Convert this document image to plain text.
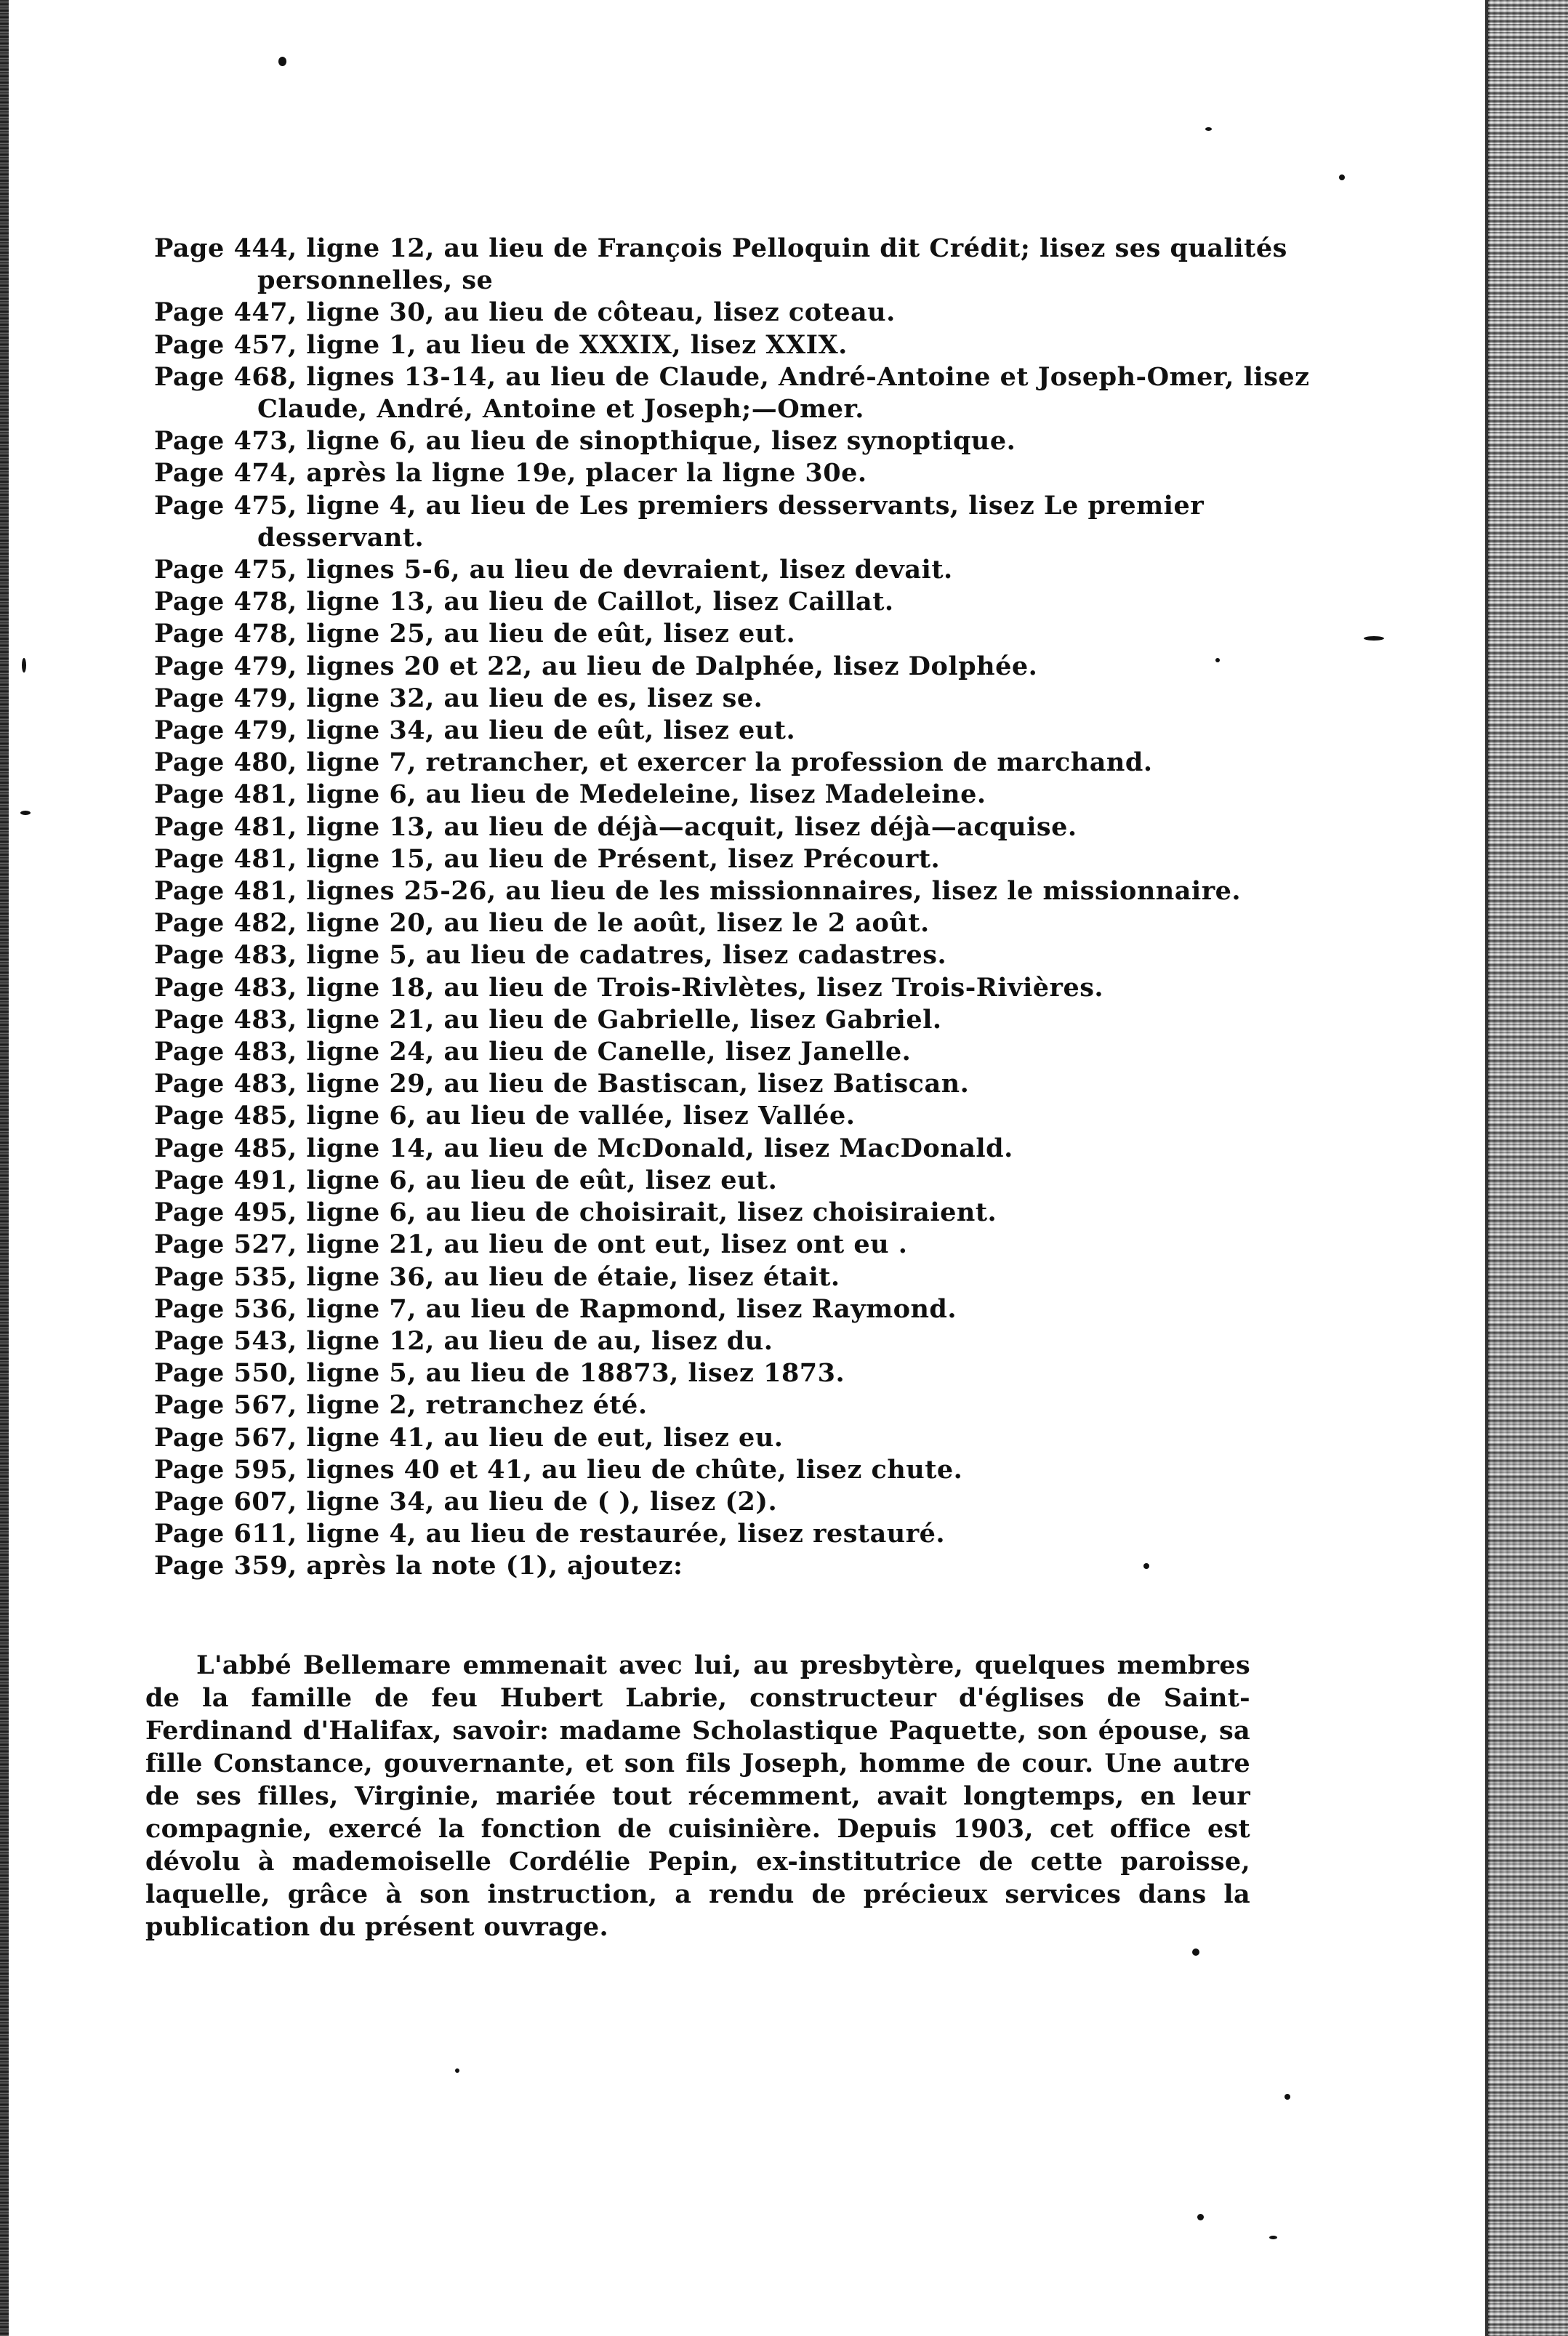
Page 444, ligne 12, au lieu de François Pelloquin dit Crédit; lisez ses qualités personnelles, se
Page 447, ligne 30, au lieu de côteau, lisez coteau.
Page 457, ligne 1, au lieu de XXXIX, lisez XXIX.
Page 468, lignes 13-14, au lieu de Claude, André-Antoine et Joseph-Omer, lisez Claude, André, Antoine et Joseph;—Omer.
Page 473, ligne 6, au lieu de sinopthique, lisez synoptique.
Page 474, après la ligne 19e, placer la ligne 30e.
Page 475, ligne 4, au lieu de Les premiers desservants, lisez Le premier desservant.
Page 475, lignes 5-6, au lieu de devraient, lisez devait.
Page 478, ligne 13, au lieu de Caillot, lisez Caillat.
Page 478, ligne 25, au lieu de eût, lisez eut.
Page 479, lignes 20 et 22, au lieu de Dalphée, lisez Dolphée.
Page 479, ligne 32, au lieu de es, lisez se.
Page 479, ligne 34, au lieu de eût, lisez eut.
Page 480, ligne 7, retrancher, et exercer la profession de marchand.
Page 481, ligne 6, au lieu de Medeleine, lisez Madeleine.
Page 481, ligne 13, au lieu de déjà—acquit, lisez déjà—acquise.
Page 481, ligne 15, au lieu de Présent, lisez Précourt.
Page 481, lignes 25-26, au lieu de les missionnaires, lisez le missionnaire.
Page 482, ligne 20, au lieu de le août, lisez le 2 août.
Page 483, ligne 5, au lieu de cadatres, lisez cadastres.
Page 483, ligne 18, au lieu de Trois-Rivlètes, lisez Trois-Rivières.
Page 483, ligne 21, au lieu de Gabrielle, lisez Gabriel.
Page 483, ligne 24, au lieu de Canelle, lisez Janelle.
Page 483, ligne 29, au lieu de Bastiscan, lisez Batiscan.
Page 485, ligne 6, au lieu de vallée, lisez Vallée.
Page 485, ligne 14, au lieu de McDonald, lisez MacDonald.
Page 491, ligne 6, au lieu de eût, lisez eut.
Page 495, ligne 6, au lieu de choisirait, lisez choisiraient.
Page 527, ligne 21, au lieu de ont eut, lisez ont eu .
Page 535, ligne 36, au lieu de étaie, lisez était.
Page 536, ligne 7, au lieu de Rapmond, lisez Raymond.
Page 543, ligne 12, au lieu de au, lisez du.
Page 550, ligne 5, au lieu de 18873, lisez 1873.
Page 567, ligne 2, retranchez été.
Page 567, ligne 41, au lieu de eut, lisez eu.
Page 595, lignes 40 et 41, au lieu de chûte, lisez chute.
Page 607, ligne 34, au lieu de ( ), lisez (2).
Page 611, ligne 4, au lieu de restaurée, lisez restauré.
Page 359, après la note (1), ajoutez:

L'abbé Bellemare emmenait avec lui, au presbytère, quelques membres de la famille de feu Hubert Labrie, constructeur d'églises de Saint-Ferdinand d'Halifax, savoir: madame Scholastique Paquette, son épouse, sa fille Constance, gouvernante, et son fils Joseph, homme de cour. Une autre de ses filles, Virginie, mariée tout récemment, avait longtemps, en leur compagnie, exercé la fonction de cuisinière. Depuis 1903, cet office est dévolu à mademoiselle Cordélie Pepin, ex-institutrice de cette paroisse, laquelle, grâce à son instruction, a rendu de précieux services dans la publication du présent ouvrage.
